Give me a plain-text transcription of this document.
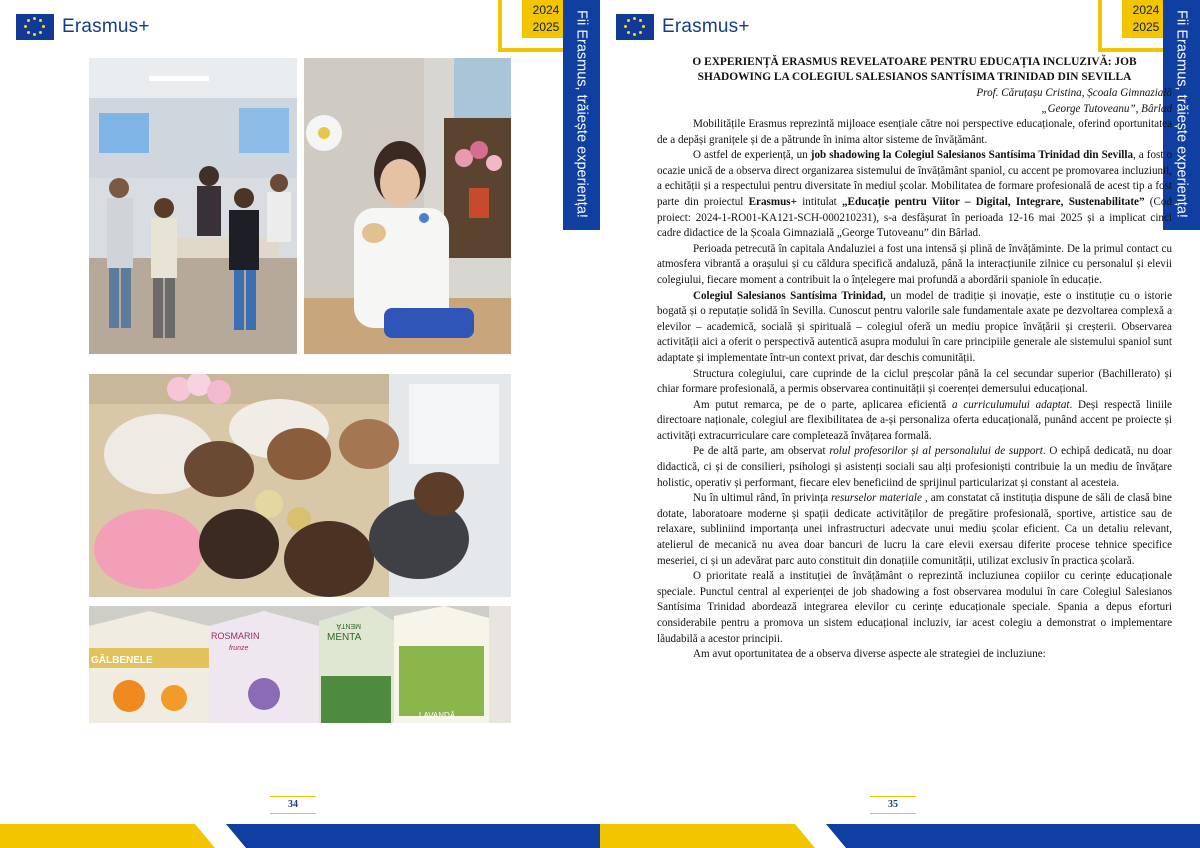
Erasmus+
GĂLBENELE
ROSMARIN
frunze
MENTA
MENTĂ
LAVANDĂ
2024
2025 Fii Erasmus, trăiește experiența!
34
Erasmus+
2024
2025 Fii Erasmus, trăiește experiența!
O EXPERIENȚĂ ERASMUS REVELATOARE PENTRU EDUCAȚIA INCLUZIVĂ: JOB SHADOWING LA COLEGIUL SALESIANOS SANTÍSIMA TRINIDAD DIN SEVILLA
Prof. Căruțașu Cristina, Școala Gimnazială
„George Tutoveanu”, Bârlad

Mobilitățile Erasmus reprezintă mijloace esențiale către noi perspective educaționale, oferind oportunitatea de a depăși granițele și de a pătrunde în inima altor sisteme de învățământ.

O astfel de experiență, un job shadowing la Colegiul Salesianos Santísima Trinidad din Sevilla, a fost o ocazie unică de a observa direct organizarea sistemului de învățământ spaniol, cu accent pe promovarea incluziunii, a echității și a respectului pentru diversitate în mediul școlar. Mobilitatea de formare profesională de acest tip a fost parte din proiectul Erasmus+ intitulat „Educație pentru Viitor – Digital, Integrare, Sustenabilitate” (Cod proiect: 2024-1-RO01-KA121-SCH-000210231), s-a desfășurat în perioada 12-16 mai 2025 și a implicat cinci cadre didactice de la Școala Gimnazială „George Tutoveanu” din Bârlad.

Perioada petrecută în capitala Andaluziei a fost una intensă și plină de învățăminte. De la primul contact cu atmosfera vibrantă a orașului și cu căldura specifică andaluză, până la interacțiunile zilnice cu personalul și elevii colegiului, fiecare moment a contribuit la o înțelegere mai profundă a abordării spaniole în educație.

Colegiul Salesianos Santísima Trinidad, un model de tradiție și inovație, este o instituție cu o istorie bogată și o reputație solidă în Sevilla. Cunoscut pentru valorile sale fundamentale axate pe dezvoltarea complexă a elevilor – academică, socială și spirituală – colegiul oferă un mediu propice învățării și creșterii. Observarea activității aici a oferit o perspectivă autentică asupra modului în care principiile generale ale sistemului spaniol sunt adaptate și implementate într-un context privat, dar deschis comunității.

Structura colegiului, care cuprinde de la ciclul preșcolar până la cel secundar superior (Bachillerato) și chiar formare profesională, a permis observarea continuității și coerenței demersului educațional.

Am putut remarca, pe de o parte, aplicarea eficientă a curriculumului adaptat. Deși respectă liniile directoare naționale, colegiul are flexibilitatea de a-și personaliza oferta educațională, punând accent pe proiecte și activități extracurriculare care completează învățarea formală.

Pe de altă parte, am observat rolul profesorilor și al personalului de support. O echipă dedicată, nu doar didactică, ci și de consilieri, psihologi și asistenți sociali sau alți profesioniști contribuie la un mediu de învățare holistic, operativ și performant, fiecare elev beneficiind de sprijinul particularizat și constant al acesteia.

Nu în ultimul rând, în privința resurselor materiale , am constatat că instituția dispune de săli de clasă bine dotate, laboratoare moderne și spații dedicate activităților de pregătire profesională, sportive, artistice sau de relaxare, subliniind importanța unei infrastructuri adecvate unui mediu școlar eficient. Ca un detaliu relevant, atelierul de mecanică nu avea doar bancuri de lucru la care elevii exersau diferite procese tehnice specifice meseriei, ci și un adevărat parc auto constituit din donațiile comunității, utilizat exclusiv în practica școlară.

O prioritate reală a instituției de învățământ o reprezintă incluziunea copiilor cu cerințe educaționale speciale. Punctul central al experienței de job shadowing a fost observarea modului în care Colegiul Salesianos Santísima Trinidad abordează integrarea elevilor cu cerințe educaționale speciale. Spania a depus eforturi considerabile pentru a promova un sistem educațional incluziv, iar acest colegiu a demonstrat o implementare lăudabilă a acestor principii.

Am avut oportunitatea de a observa diverse aspecte ale strategiei de incluziune:

35
